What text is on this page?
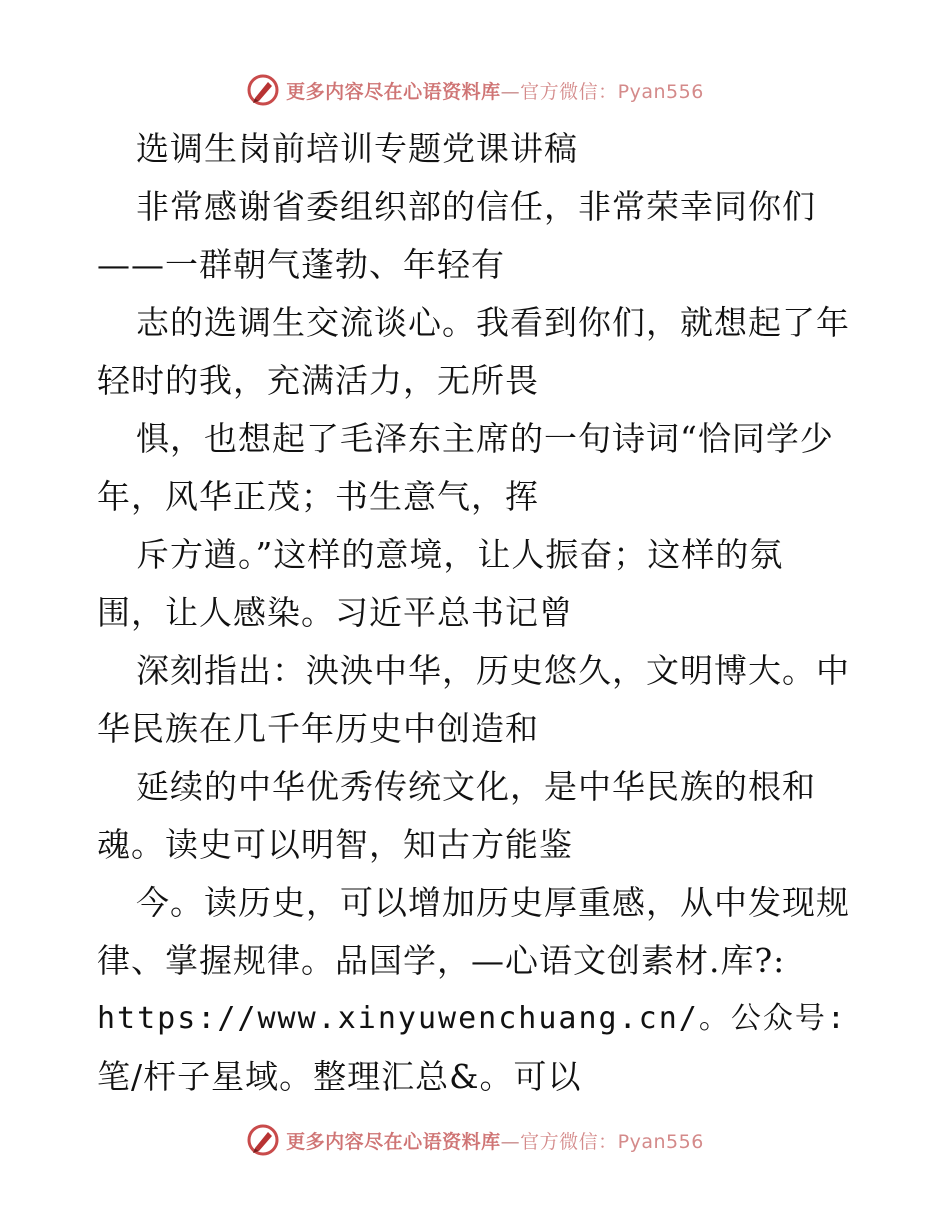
更多内容尽在心语资料库—官方微信：Pyan556
选调生岗前培训专题党课讲稿
非常感谢省委组织部的信任，非常荣幸同你们
——一群朝气蓬勃、年轻有
志的选调生交流谈心。我看到你们，就想起了年
轻时的我，充满活力，无所畏
惧，也想起了毛泽东主席的一句诗词“恰同学少
年，风华正茂；书生意气，挥
斥方遒。”这样的意境，让人振奋；这样的氛
围，让人感染。习近平总书记曾
深刻指出：泱泱中华，历史悠久，文明博大。中
华民族在几千年历史中创造和
延续的中华优秀传统文化，是中华民族的根和
魂。读史可以明智，知古方能鉴
今。读历史，可以增加历史厚重感，从中发现规
律、掌握规律。品国学，—心语文创素材.库?:
https://www.xinyuwenchuang.cn/。公众号:
笔/杆子星域。整理汇总&。可以
更多内容尽在心语资料库—官方微信：Pyan556
